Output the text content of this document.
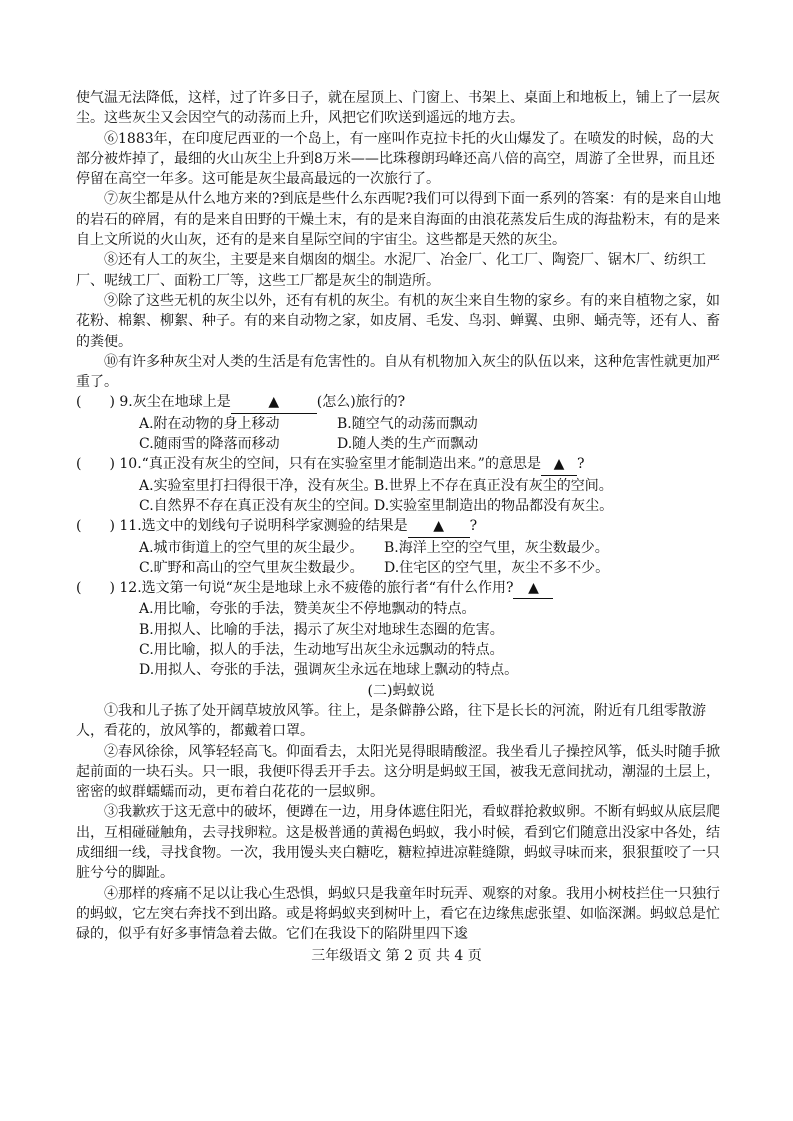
使气温无法降低，这样，过了许多日子，就在屋顶上、门窗上、书架上、桌面上和地板上，铺上了一层灰尘。这些灰尘又会因空气的动荡而上升，风把它们吹送到遥远的地方去。

⑥1883年，在印度尼西亚的一个岛上，有一座叫作克拉卡托的火山爆发了。在喷发的时候，岛的大部分被炸掉了，最细的火山灰尘上升到8万米——比珠穆朗玛峰还高八倍的高空，周游了全世界，而且还停留在高空一年多。这可能是灰尘最高最远的一次旅行了。

⑦灰尘都是从什么地方来的?到底是些什么东西呢?我们可以得到下面一系列的答案：有的是来自山地的岩石的碎屑，有的是来自田野的干燥土末，有的是来自海面的由浪花蒸发后生成的海盐粉末，有的是来自上文所说的火山灰，还有的是来自星际空间的宇宙尘。这些都是天然的灰尘。

⑧还有人工的灰尘，主要是来自烟囱的烟尘。水泥厂、冶金厂、化工厂、陶瓷厂、锯木厂、纺织工厂、呢绒工厂、面粉工厂等，这些工厂都是灰尘的制造所。

⑨除了这些无机的灰尘以外，还有有机的灰尘。有机的灰尘来自生物的家乡。有的来自植物之家，如花粉、棉絮、柳絮、种子。有的来自动物之家，如皮屑、毛发、鸟羽、蝉翼、虫卵、蛹壳等，还有人、畜的粪便。

⑩有许多种灰尘对人类的生活是有危害性的。自从有机物加入灰尘的队伍以来，这种危害性就更加严重了。

(　　) 9.灰尘在地球上是	▲	(怎么)旅行的?

A.附在动物的身上移动	B.随空气的动荡而飘动

C.随雨雪的降落而移动	D.随人类的生产而飘动

(　　) 10.“真正没有灰尘的空间，只有在实验室里才能制造出来。”的意思是 ▲ ?

A.实验室里打扫得很干净，没有灰尘。B.世界上不存在真正没有灰尘的空间。

C.自然界不存在真正没有灰尘的空间。D.实验室里制造出的物品都没有灰尘。

(　　) 11.选文中的划线句子说明科学家测验的结果是 ▲ ?

A.城市街道上的空气里的灰尘最少。 B.海洋上空的空气里，灰尘数最少。

C.旷野和高山的空气里灰尘数最少。 D.住宅区的空气里，灰尘不多不少。

(　　) 12.选文第一句说“灰尘是地球上永不疲倦的旅行者“有什么作用? ▲

A.用比喻，夸张的手法，赞美灰尘不停地飘动的特点。

B.用拟人、比喻的手法，揭示了灰尘对地球生态圈的危害。

C.用比喻，拟人的手法，生动地写出灰尘永远飘动的特点。

D.用拟人、夸张的手法，强调灰尘永远在地球上飘动的特点。

(二)蚂蚁说

①我和儿子拣了处开阔草坡放风筝。往上，是条僻静公路，往下是长长的河流，附近有几组零散游人，看花的，放风筝的，都戴着口罩。

②春风徐徐，风筝轻轻高飞。仰面看去，太阳光晃得眼睛酸涩。我坐看儿子操控风筝，低头时随手掀起前面的一块石头。只一眼，我便吓得丢开手去。这分明是蚂蚁王国，被我无意间扰动，潮湿的土层上，密密的蚁群蠕蠕而动，更布着白花花的一层蚁卵。

③我歉疚于这无意中的破坏，便蹲在一边，用身体遮住阳光，看蚁群抢救蚁卵。不断有蚂蚁从底层爬出，互相碰碰触角，去寻找卵粒。这是极普通的黄褐色蚂蚁，我小时候，看到它们随意出没家中各处，结成细细一线，寻找食物。一次，我用馒头夹白糖吃，糖粒掉进凉鞋缝隙，蚂蚁寻味而来，狠狠蜇咬了一只脏兮兮的脚趾。

④那样的疼痛不足以让我心生恐惧，蚂蚁只是我童年时玩弄、观察的对象。我用小树枝拦住一只独行的蚂蚁，它左突右奔找不到出路。或是将蚂蚁夹到树叶上，看它在边缘焦虑张望、如临深渊。蚂蚁总是忙碌的，似乎有好多事情急着去做。它们在我设下的陷阱里四下逡

三年级语文 第 2 页 共 4 页
